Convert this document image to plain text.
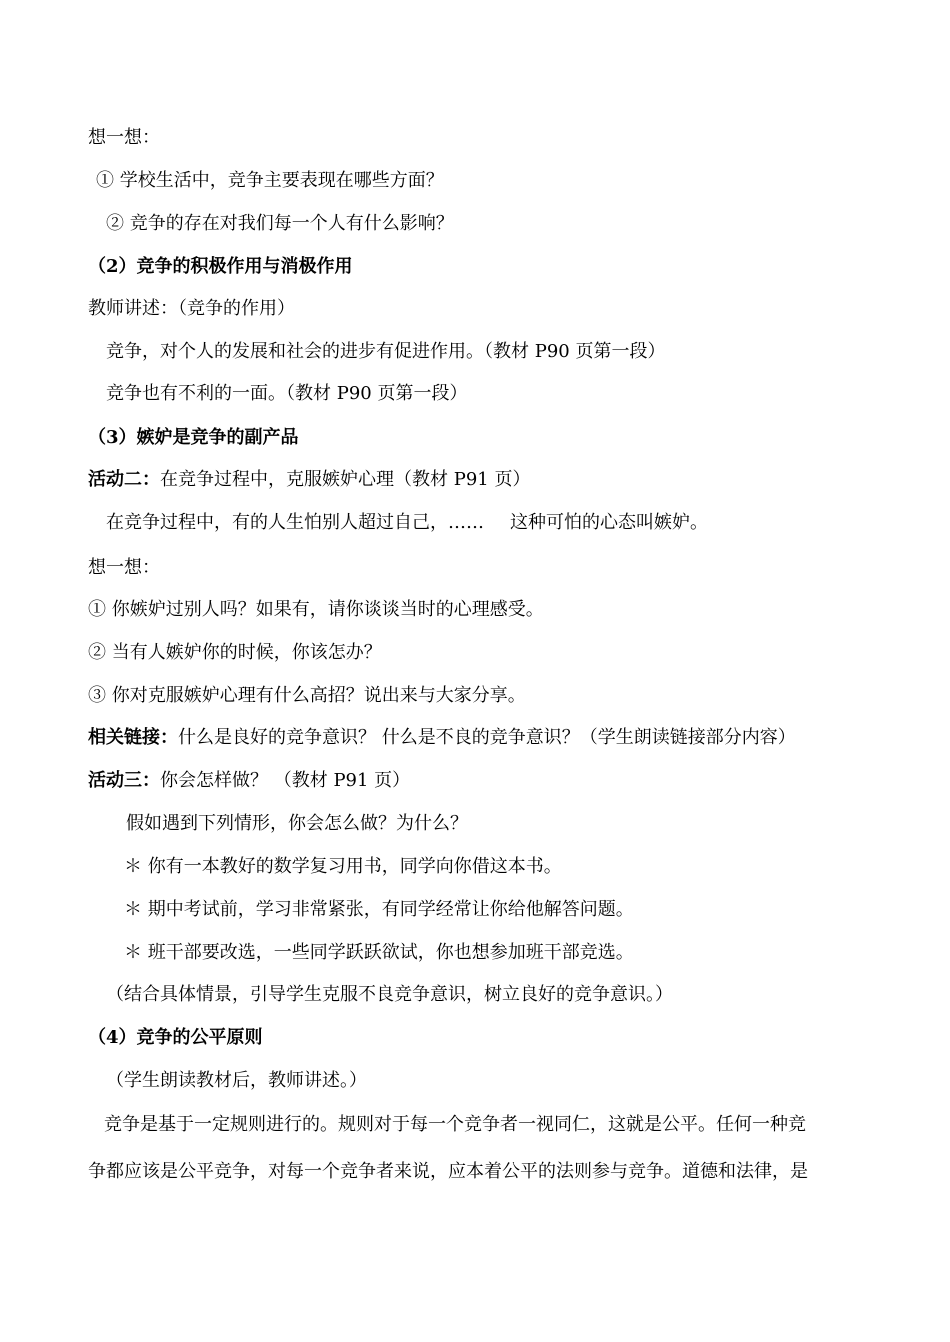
想一想：
① 学校生活中，竞争主要表现在哪些方面？
② 竞争的存在对我们每一个人有什么影响？
（2）竞争的积极作用与消极作用
教师讲述：（竞争的作用）
竞争，对个人的发展和社会的进步有促进作用。（教材 P90 页第一段）
竞争也有不利的一面。（教材 P90 页第一段）
（3）嫉妒是竞争的副产品
活动二：在竞争过程中，克服嫉妒心理（教材 P91 页）
在竞争过程中，有的人生怕别人超过自己，…… 这种可怕的心态叫嫉妒。
想一想：
① 你嫉妒过别人吗？如果有，请你谈谈当时的心理感受。
② 当有人嫉妒你的时候，你该怎办？
③ 你对克服嫉妒心理有什么高招？说出来与大家分享。
相关链接：什么是良好的竞争意识？ 什么是不良的竞争意识？（学生朗读链接部分内容）
活动三：你会怎样做？ （教材 P91 页）
假如遇到下列情形，你会怎么做？为什么？
＊ 你有一本教好的数学复习用书，同学向你借这本书。
＊ 期中考试前，学习非常紧张，有同学经常让你给他解答问题。
＊ 班干部要改选，一些同学跃跃欲试，你也想参加班干部竞选。
（结合具体情景，引导学生克服不良竞争意识，树立良好的竞争意识。）
（4）竞争的公平原则
（学生朗读教材后，教师讲述。）
竞争是基于一定规则进行的。规则对于每一个竞争者一视同仁，这就是公平。任何一种竞
争都应该是公平竞争，对每一个竞争者来说，应本着公平的法则参与竞争。道德和法律，是
